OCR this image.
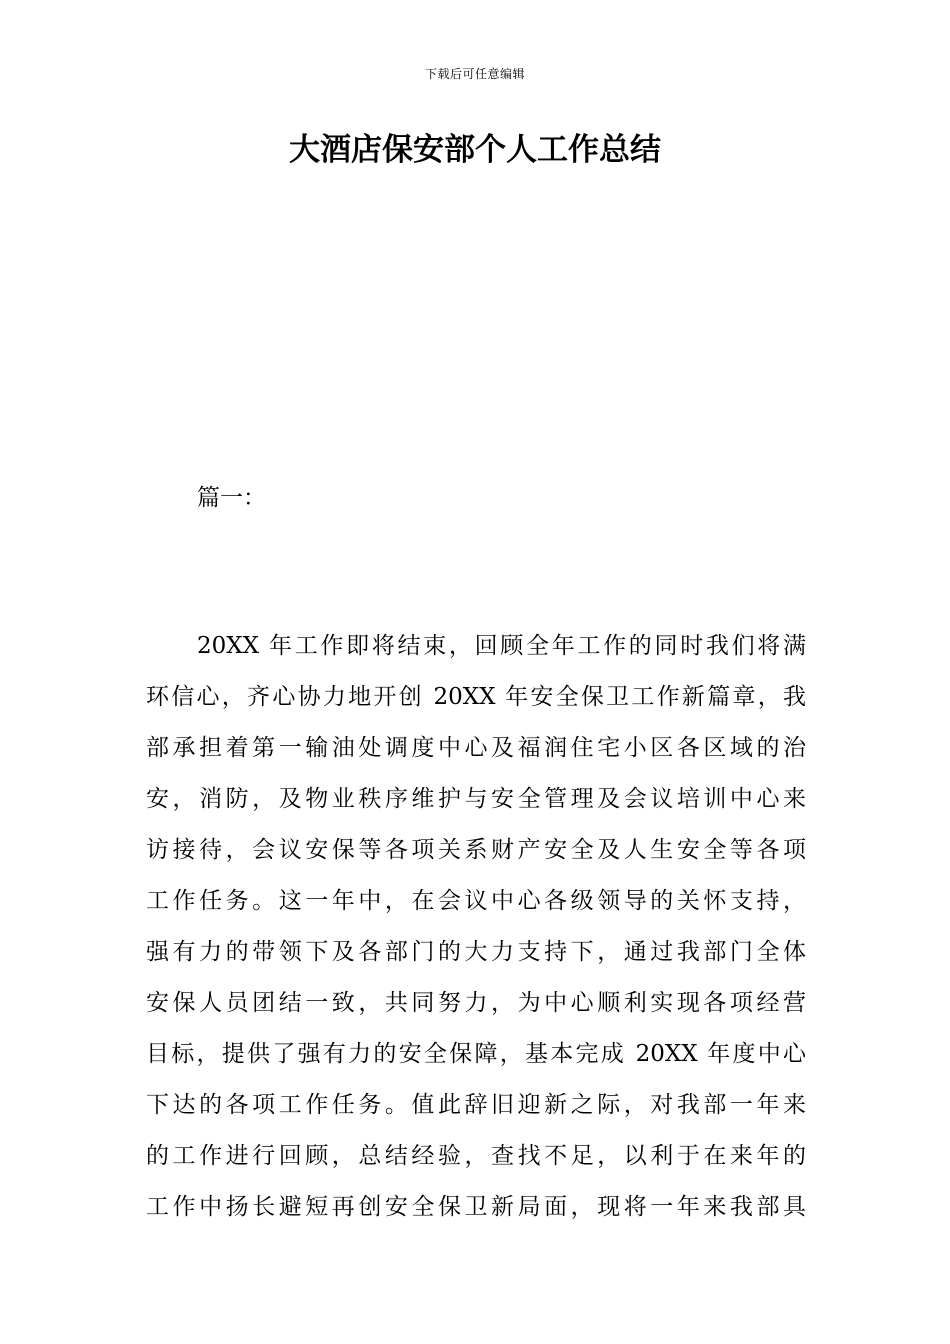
下载后可任意编辑
大酒店保安部个人工作总结
篇一：
20XX 年工作即将结束，回顾全年工作的同时我们将满
环信心，齐心协力地开创 20XX 年安全保卫工作新篇章，我
部承担着第一输油处调度中心及福润住宅小区各区域的治
安，消防，及物业秩序维护与安全管理及会议培训中心来
访接待，会议安保等各项关系财产安全及人生安全等各项
工作任务。这一年中，在会议中心各级领导的关怀支持，
强有力的带领下及各部门的大力支持下，通过我部门全体
安保人员团结一致，共同努力，为中心顺利实现各项经营
目标，提供了强有力的安全保障，基本完成 20XX 年度中心
下达的各项工作任务。值此辞旧迎新之际，对我部一年来
的工作进行回顾，总结经验，查找不足，以利于在来年的
工作中扬长避短再创安全保卫新局面，现将一年来我部具
